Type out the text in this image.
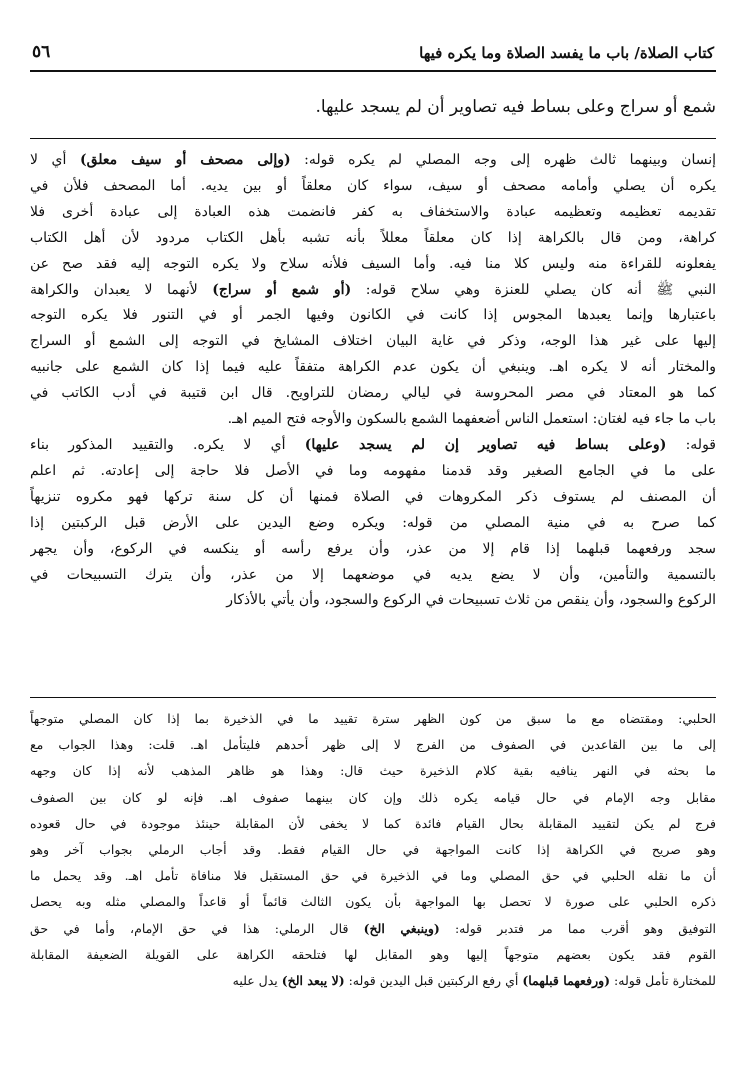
كتاب الصلاة/ باب ما يفسد الصلاة وما يكره فيها
٥٦
شمع أو سراج وعلى بساط فيه تصاوير أن لم يسجد عليها.
إنسان وبينهما ثالث ظهره إلى وجه المصلي لم يكره قوله: (وإلى مصحف أو سيف معلق) أي لا
يكره أن يصلي وأمامه مصحف أو سيف، سواء كان معلقاً أو بين يديه. أما المصحف فلأن في
تقديمه تعظيمه وتعظيمه عبادة والاستخفاف به كفر فانضمت هذه العبادة إلى عبادة أخرى فلا
كراهة، ومن قال بالكراهة إذا كان معلقاً معللاً بأنه تشبه بأهل الكتاب مردود لأن أهل الكتاب
يفعلونه للقراءة منه وليس كلا منا فيه. وأما السيف فلأنه سلاح ولا يكره التوجه إليه فقد صح عن
النبي ﷺ أنه كان يصلي للعنزة وهي سلاح قوله: (أو شمع أو سراج) لأنهما لا يعبدان والكراهة
باعتبارها وإنما يعبدها المجوس إذا كانت في الكانون وفيها الجمر أو في التنور فلا يكره التوجه
إليها على غير هذا الوجه، وذكر في غاية البيان اختلاف المشايخ في التوجه إلى الشمع أو السراج
والمختار أنه لا يكره اهـ. وينبغي أن يكون عدم الكراهة متفقاً عليه فيما إذا كان الشمع على جانبيه
كما هو المعتاد في مصر المحروسة في ليالي رمضان للتراويح. قال ابن قتيبة في أدب الكاتب في
باب ما جاء فيه لغتان: استعمل الناس أضعفهما الشمع بالسكون والأوجه فتح الميم اهـ.
قوله: (وعلى بساط فيه تصاوير إن لم يسجد عليها) أي لا يكره. والتقييد المذكور بناء
على ما في الجامع الصغير وقد قدمنا مفهومه وما في الأصل فلا حاجة إلى إعادته. ثم اعلم
أن المصنف لم يستوف ذكر المكروهات في الصلاة فمنها أن كل سنة تركها فهو مكروه تنزيهاً
كما صرح به في منية المصلي من قوله: ويكره وضع اليدين على الأرض قبل الركبتين إذا
سجد ورفعهما قبلهما إذا قام إلا من عذر، وأن يرفع رأسه أو ينكسه في الركوع، وأن يجهر
بالتسمية والتأمين، وأن لا يضع يديه في موضعهما إلا من عذر، وأن يترك التسبيحات في
الركوع والسجود، وأن ينقص من ثلاث تسبيحات في الركوع والسجود، وأن يأتي بالأذكار
الحلبي: ومقتضاه مع ما سبق من كون الظهر سترة تقييد ما في الذخيرة بما إذا كان المصلي متوجهاً
إلى ما بين القاعدين في الصفوف من الفرج لا إلى ظهر أحدهم فليتأمل اهـ. قلت: وهذا الجواب مع
ما بحثه في النهر ينافيه بقية كلام الذخيرة حيث قال: وهذا هو ظاهر المذهب لأنه إذا كان وجهه
مقابل وجه الإمام في حال قيامه يكره ذلك وإن كان بينهما صفوف اهـ. فإنه لو كان بين الصفوف
فرج لم يكن لتقييد المقابلة بحال القيام فائدة كما لا يخفى لأن المقابلة حينئذ موجودة في حال قعوده
وهو صريح في الكراهة إذا كانت المواجهة في حال القيام فقط. وقد أجاب الرملي بجواب آخر وهو
أن ما نقله الحلبي في حق المصلي وما في الذخيرة في حق المستقبل فلا منافاة تأمل اهـ. وقد يحمل ما
ذكره الحلبي على صورة لا تحصل بها المواجهة بأن يكون الثالث قائماً أو قاعداً والمصلي مثله وبه يحصل
التوفيق وهو أقرب مما مر فتدبر قوله: (وينبغي الخ) قال الرملي: هذا في حق الإمام، وأما في حق
القوم فقد يكون بعضهم متوجهاً إليها وهو المقابل لها فتلحقه الكراهة على القويلة الضعيفة المقابلة
للمختارة تأمل قوله: (ورفعهما قبلهما) أي رفع الركبتين قبل اليدين قوله: (لا يبعد الخ) يدل عليه
